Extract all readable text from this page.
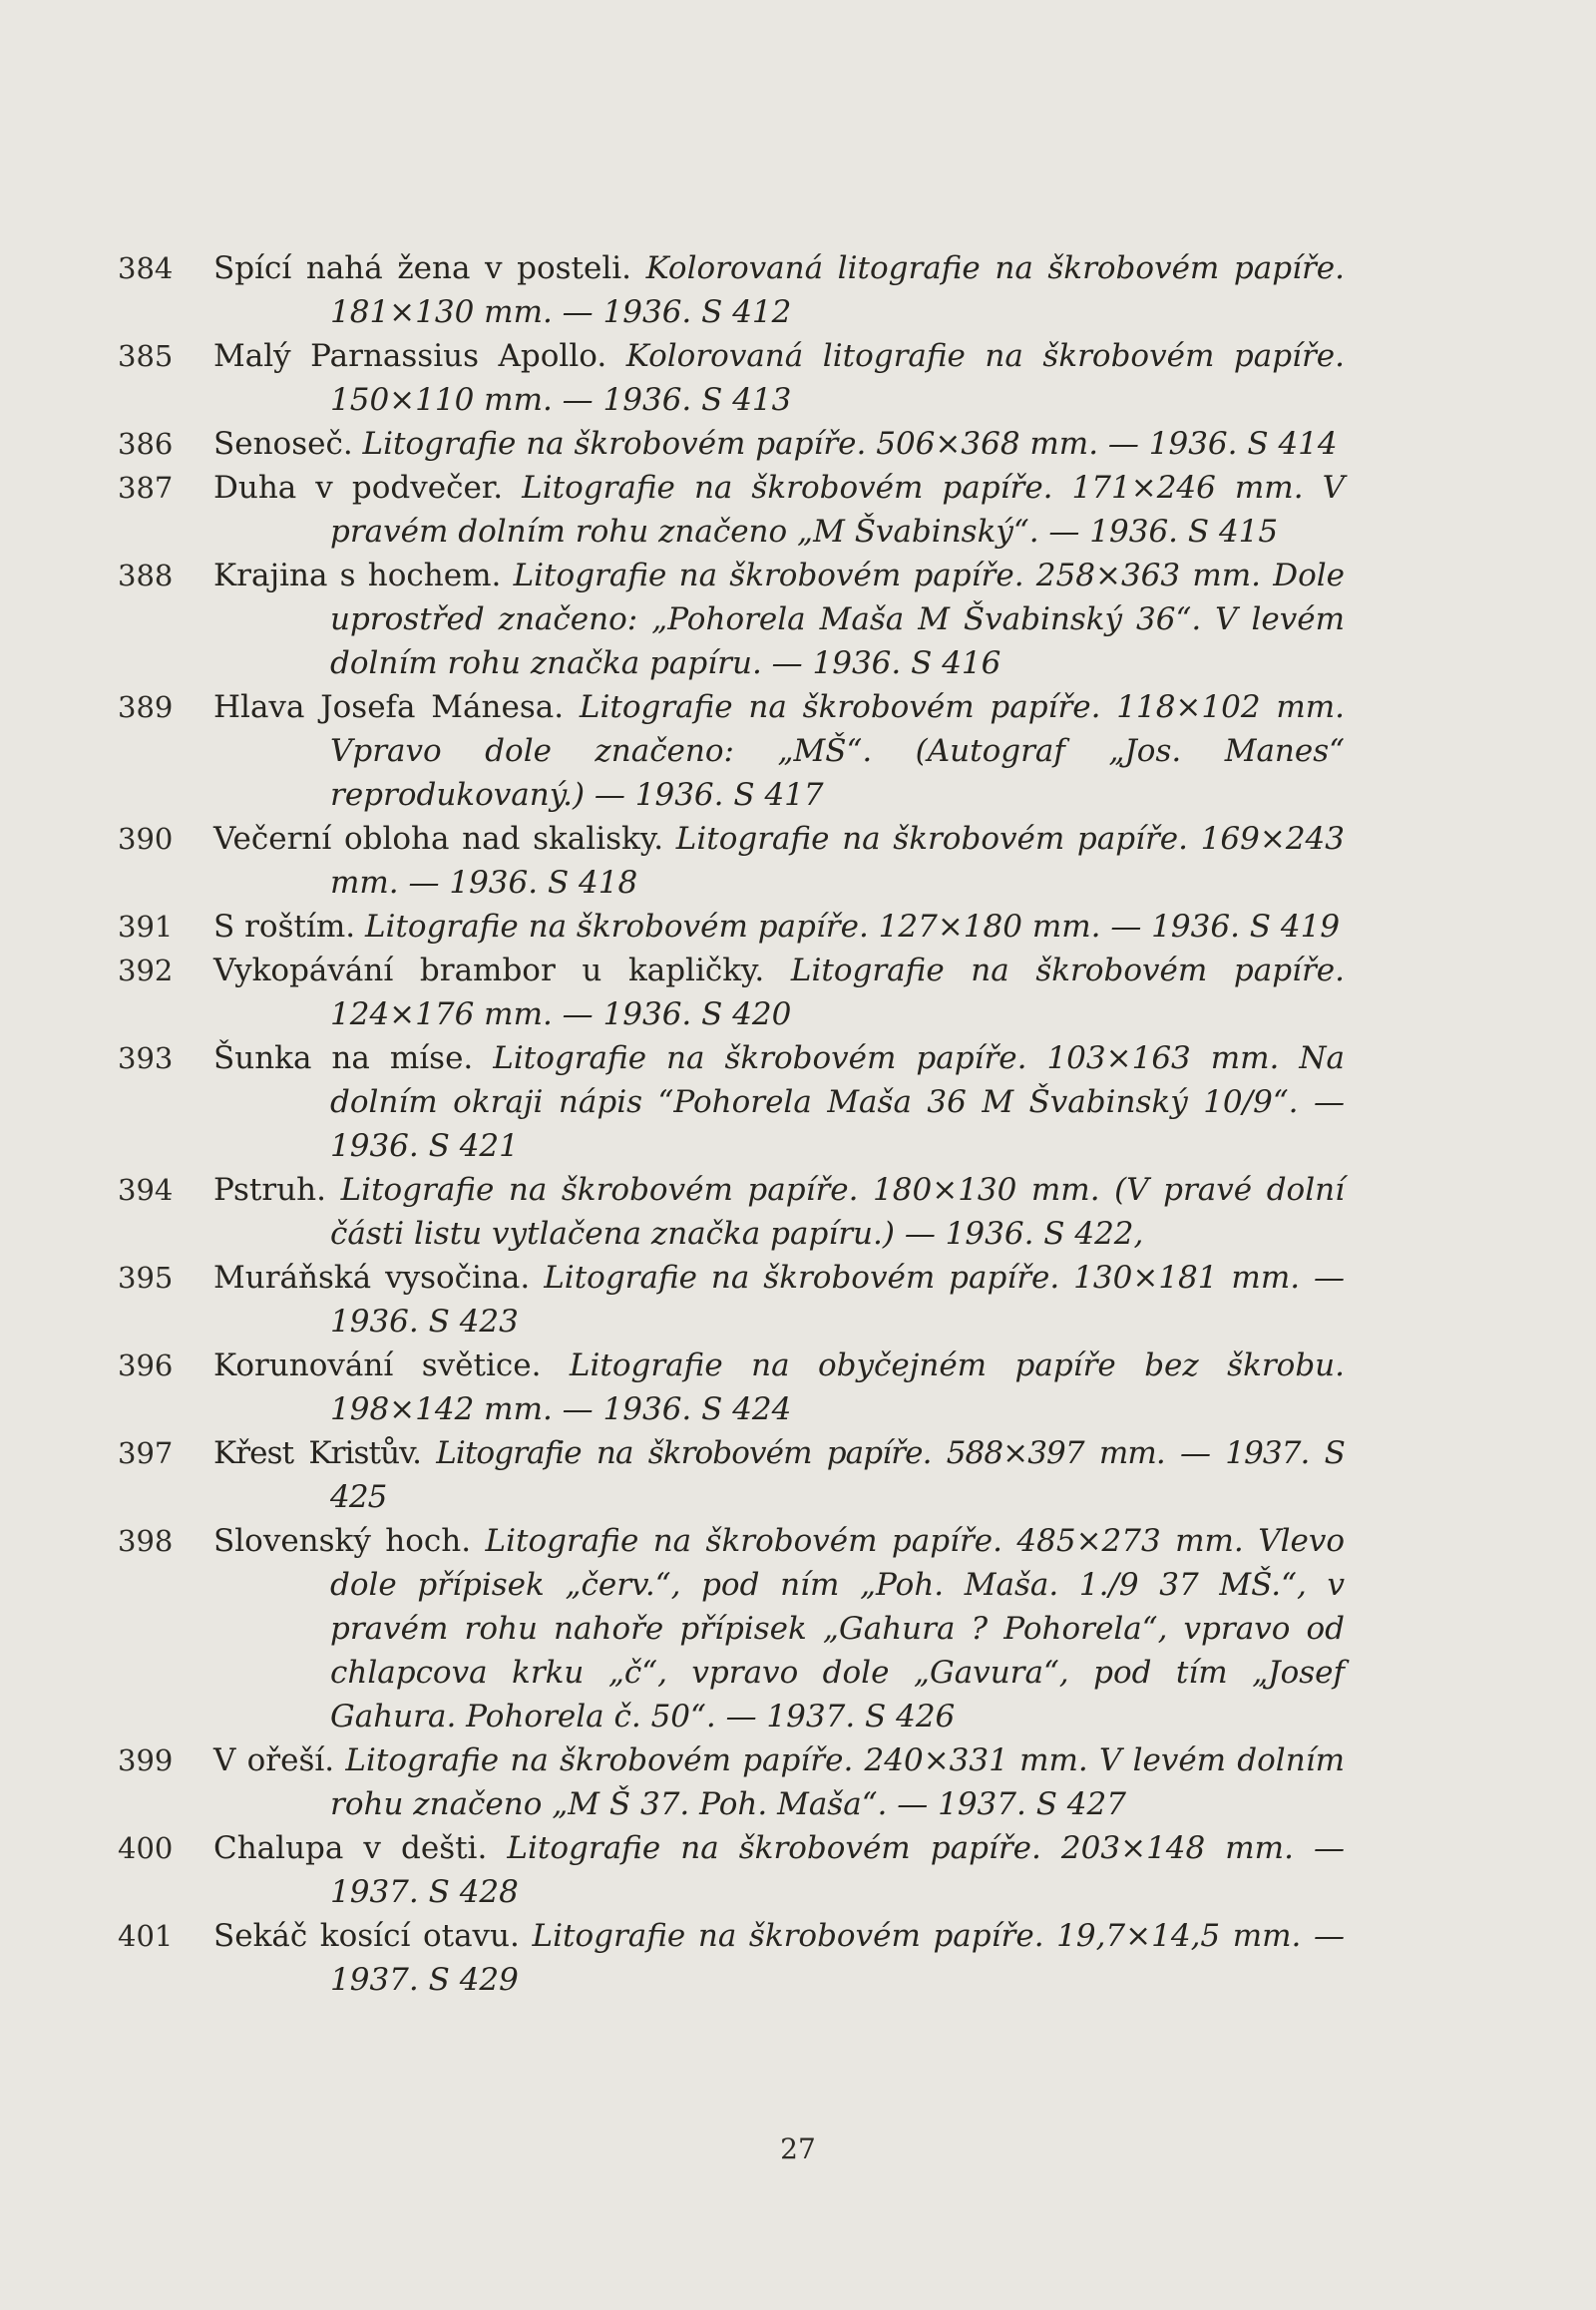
384	Spící nahá žena v posteli. Kolorovaná litografie na škrobovém papíře. 181×130 mm. — 1936. S 412
385	Malý Parnassius Apollo. Kolorovaná litografie na škrobovém papíře. 150×110 mm. — 1936. S 413
386	Senoseč. Litografie na škrobovém papíře. 506×368 mm. — 1936. S 414
387	Duha v podvečer. Litografie na škrobovém papíře. 171×246 mm. V pravém dolním rohu značeno „M Švabinský“. — 1936. S 415
388	Krajina s hochem. Litografie na škrobovém papíře. 258×363 mm. Dole uprostřed značeno: „Pohorela Maša M Švabinský 36“. V levém dolním rohu značka papíru. — 1936. S 416
389	Hlava Josefa Mánesa. Litografie na škrobovém papíře. 118×102 mm. Vpravo dole značeno: „MŠ“. (Autograf „Jos. Manes“ reprodukovaný.) — 1936. S 417
390	Večerní obloha nad skalisky. Litografie na škrobovém papíře. 169×243 mm. — 1936. S 418
391	S roštím. Litografie na škrobovém papíře. 127×180 mm. — 1936. S 419
392	Vykopávání brambor u kapličky. Litografie na škrobovém papíře. 124×176 mm. — 1936. S 420
393	Šunka na míse. Litografie na škrobovém papíře. 103×163 mm. Na dolním okraji nápis “Pohorela Maša 36 M Švabinský 10/9“. — 1936. S 421
394	Pstruh. Litografie na škrobovém papíře. 180×130 mm. (V pravé dolní části listu vytlačena značka papíru.) — 1936. S 422,
395	Muráňská vysočina. Litografie na škrobovém papíře. 130×181 mm. — 1936. S 423
396	Korunování světice. Litografie na obyčejném papíře bez škrobu. 198×142 mm. — 1936. S 424
397	Křest Kristův. Litografie na škrobovém papíře. 588×397 mm. — 1937. S 425
398	Slovenský hoch. Litografie na škrobovém papíře. 485×273 mm. Vlevo dole přípisek „červ.“, pod ním „Poh. Maša. 1./9 37 MŠ.“, v pravém rohu nahoře přípisek „Gahura ? Pohorela“, vpravo od chlapcova krku „č“, vpravo dole „Gavura“, pod tím „Josef Gahura. Pohorela č. 50“. — 1937. S 426
399	V ořeší. Litografie na škrobovém papíře. 240×331 mm. V levém dolním rohu značeno „M Š 37. Poh. Maša“. — 1937. S 427
400	Chalupa v dešti. Litografie na škrobovém papíře. 203×148 mm. — 1937. S 428
401	Sekáč kosící otavu. Litografie na škrobovém papíře. 19,7×14,5 mm. — 1937. S 429
27
